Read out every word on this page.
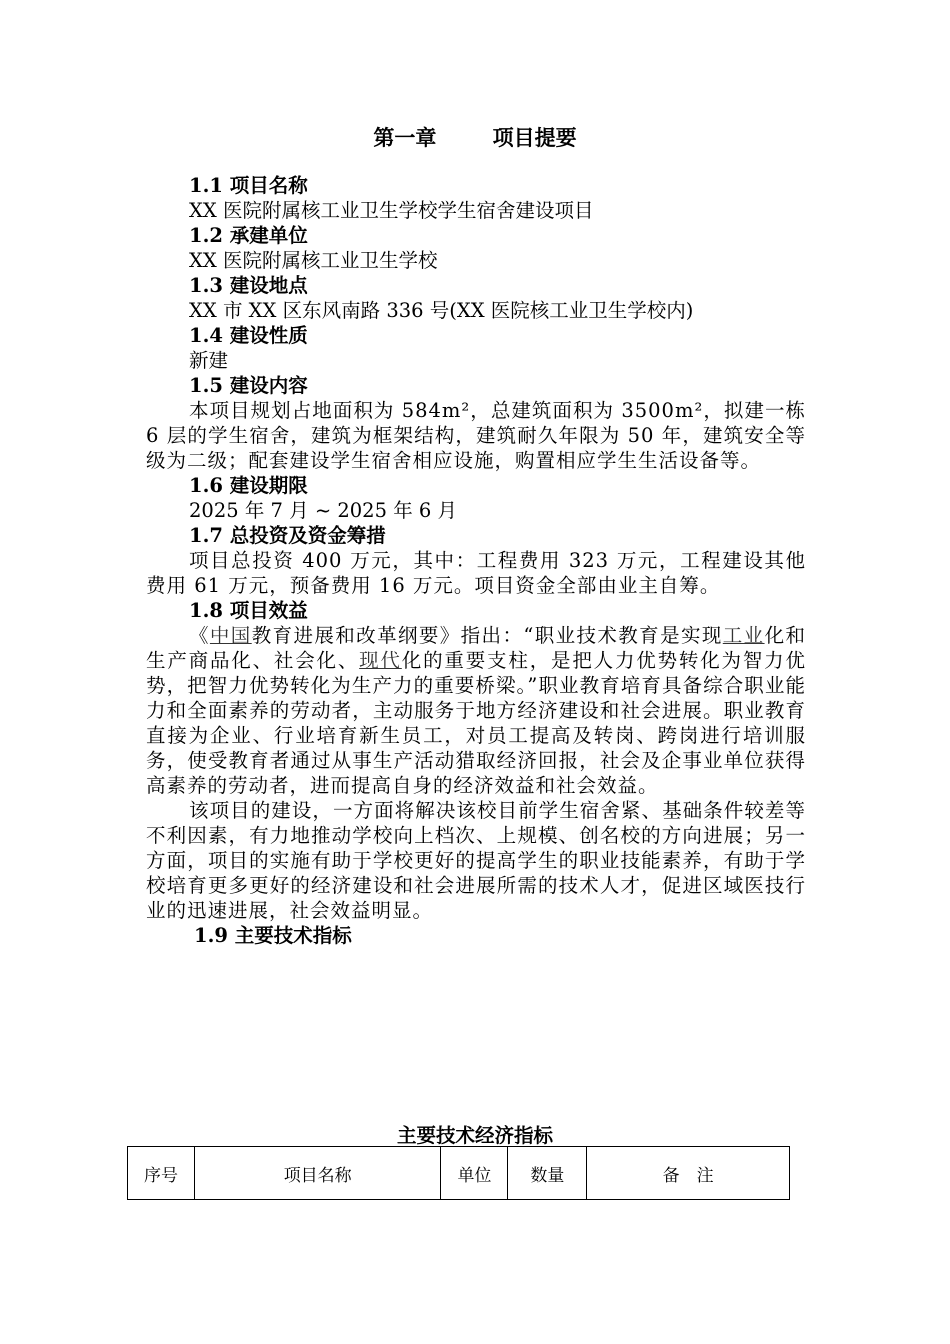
第一章　 项目提要
1.1 项目名称
XX 医院附属核工业卫生学校学生宿舍建设项目
1.2 承建单位
XX 医院附属核工业卫生学校
1.3 建设地点
XX 市 XX 区东风南路 336 号(XX 医院核工业卫生学校内)
1.4 建设性质
新建
1.5 建设内容

本项目规划占地面积为 584m²，总建筑面积为 3500m²，拟建一栋 6 层的学生宿舍，建筑为框架结构，建筑耐久年限为 50 年，建筑安全等级为二级；配套建设学生宿舍相应设施，购置相应学生生活设备等。

1.6 建设期限
2025 年 7 月 ~ 2025 年 6 月
1.7 总投资及资金筹措

项目总投资 400 万元，其中：工程费用 323 万元，工程建设其他费用 61 万元，预备费用 16 万元。项目资金全部由业主自筹。

1.8 项目效益

《中国教育进展和改革纲要》指出：“职业技术教育是实现工业化和生产商品化、社会化、现代化的重要支柱，是把人力优势转化为智力优势，把智力优势转化为生产力的重要桥梁。”职业教育培育具备综合职业能力和全面素养的劳动者，主动服务于地方经济建设和社会进展。职业教育直接为企业、行业培育新生员工，对员工提高及转岗、跨岗进行培训服务，使受教育者通过从事生产活动猎取经济回报，社会及企事业单位获得高素养的劳动者，进而提高自身的经济效益和社会效益。

该项目的建设，一方面将解决该校目前学生宿舍紧、基础条件较差等不利因素，有力地推动学校向上档次、上规模、创名校的方向进展；另一方面，项目的实施有助于学校更好的提高学生的职业技能素养，有助于学校培育更多更好的经济建设和社会进展所需的技术人才，促进区域医技行业的迅速进展，社会效益明显。

1.9 主要技术指标
主要技术经济指标
序号	项目名称	单位	数量	备　注
